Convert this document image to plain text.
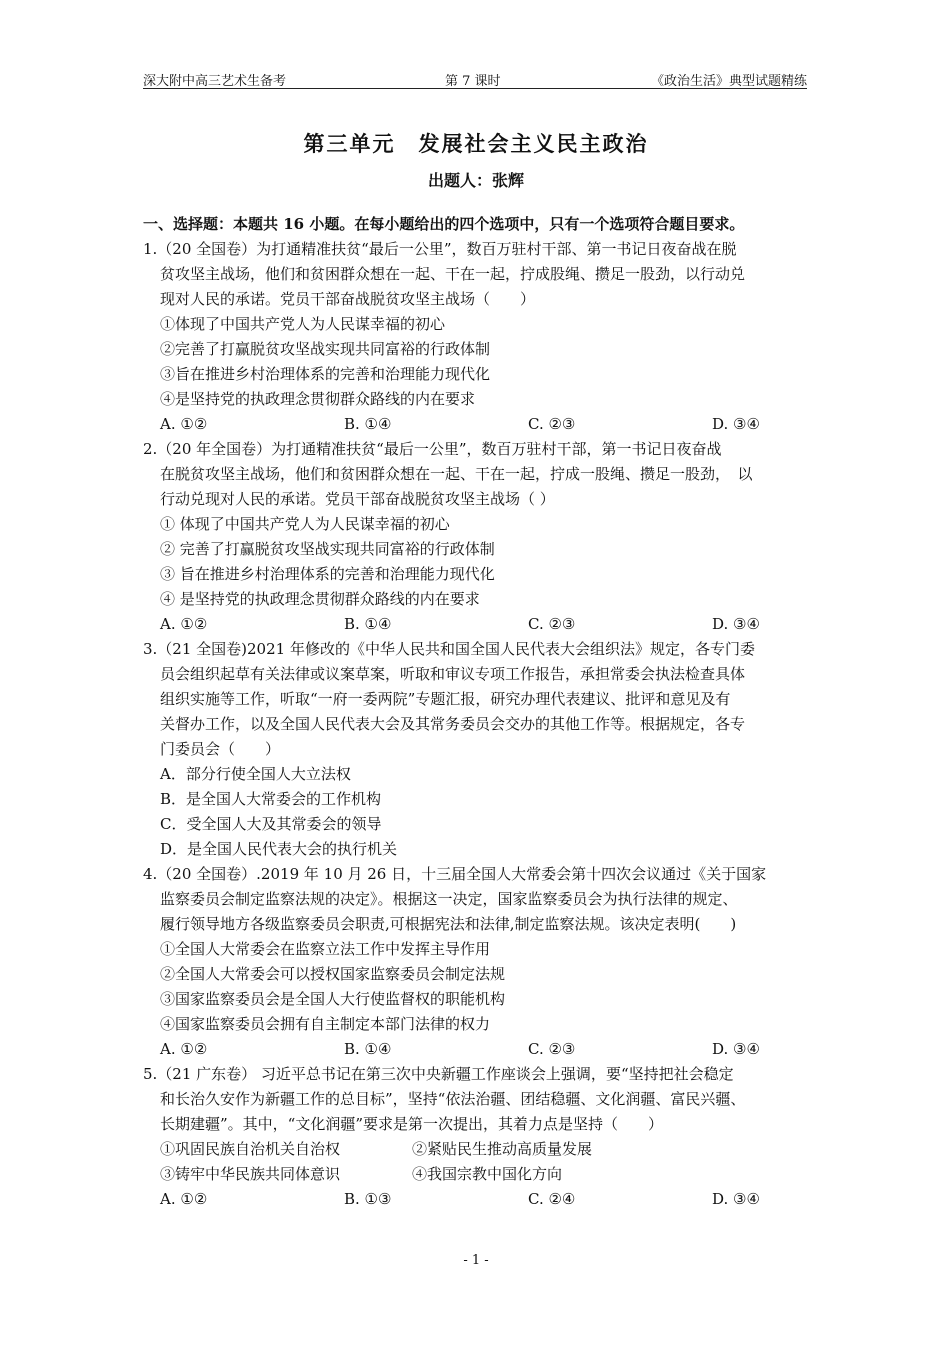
深大附中高三艺术生备考	第 7 课时	《政治生活》典型试题精练
第三单元　发展社会主义民主政治
出题人：张辉
一、选择题：本题共 16 小题。在每小题给出的四个选项中，只有一个选项符合题目要求。
1.（20 全国卷）为打通精准扶贫“最后一公里”，数百万驻村干部、第一书记日夜奋战在脱
贫攻坚主战场，他们和贫困群众想在一起、干在一起，拧成股绳、攒足一股劲，以行动兑
现对人民的承诺。党员干部奋战脱贫攻坚主战场（　　）
①体现了中国共产党人为人民谋幸福的初心
②完善了打赢脱贫攻坚战实现共同富裕的行政体制
③旨在推进乡村治理体系的完善和治理能力现代化
④是坚持党的执政理念贯彻群众路线的内在要求
A. ①②	B. ①④	C. ②③	D. ③④
2.（20 年全国卷）为打通精准扶贫“最后一公里”，数百万驻村干部，第一书记日夜奋战
在脱贫攻坚主战场，他们和贫困群众想在一起、干在一起，拧成一股绳、攒足一股劲，　以
行动兑现对人民的承诺。党员干部奋战脱贫攻坚主战场（ ）
① 体现了中国共产党人为人民谋幸福的初心
② 完善了打赢脱贫攻坚战实现共同富裕的行政体制
③ 旨在推进乡村治理体系的完善和治理能力现代化
④ 是坚持党的执政理念贯彻群众路线的内在要求
A. ①②	B. ①④	C. ②③	D. ③④
3.（21 全国卷)2021 年修改的《中华人民共和国全国人民代表大会组织法》规定，各专门委
员会组织起草有关法律或议案草案，听取和审议专项工作报告，承担常委会执法检查具体
组织实施等工作，听取“一府一委两院”专题汇报，研究办理代表建议、批评和意见及有
关督办工作，以及全国人民代表大会及其常务委员会交办的其他工作等。根据规定，各专
门委员会（　　）
A．部分行使全国人大立法权
B．是全国人大常委会的工作机构
C．受全国人大及其常委会的领导
D．是全国人民代表大会的执行机关
4.（20 全国卷）.2019 年 10 月 26 日，十三届全国人大常委会第十四次会议通过《关于国家
监察委员会制定监察法规的决定》。根据这一决定，国家监察委员会为执行法律的规定、
履行领导地方各级监察委员会职责,可根据宪法和法律,制定监察法规。该决定表明(　　)
①全国人大常委会在监察立法工作中发挥主导作用
②全国人大常委会可以授权国家监察委员会制定法规
③国家监察委员会是全国人大行使监督权的职能机构
④国家监察委员会拥有自主制定本部门法律的权力
A. ①②	B. ①④	C. ②③	D. ③④
5.（21 广东卷） 习近平总书记在第三次中央新疆工作座谈会上强调，要“坚持把社会稳定
和长治久安作为新疆工作的总目标”，坚持“依法治疆、团结稳疆、文化润疆、富民兴疆、
长期建疆”。其中，“文化润疆”要求是第一次提出，其着力点是坚持（　　）
①巩固民族自治机关自治权	②紧贴民生推动高质量发展
③铸牢中华民族共同体意识	④我国宗教中国化方向
A. ①②	B. ①③	C. ②④	D. ③④
- 1 -
